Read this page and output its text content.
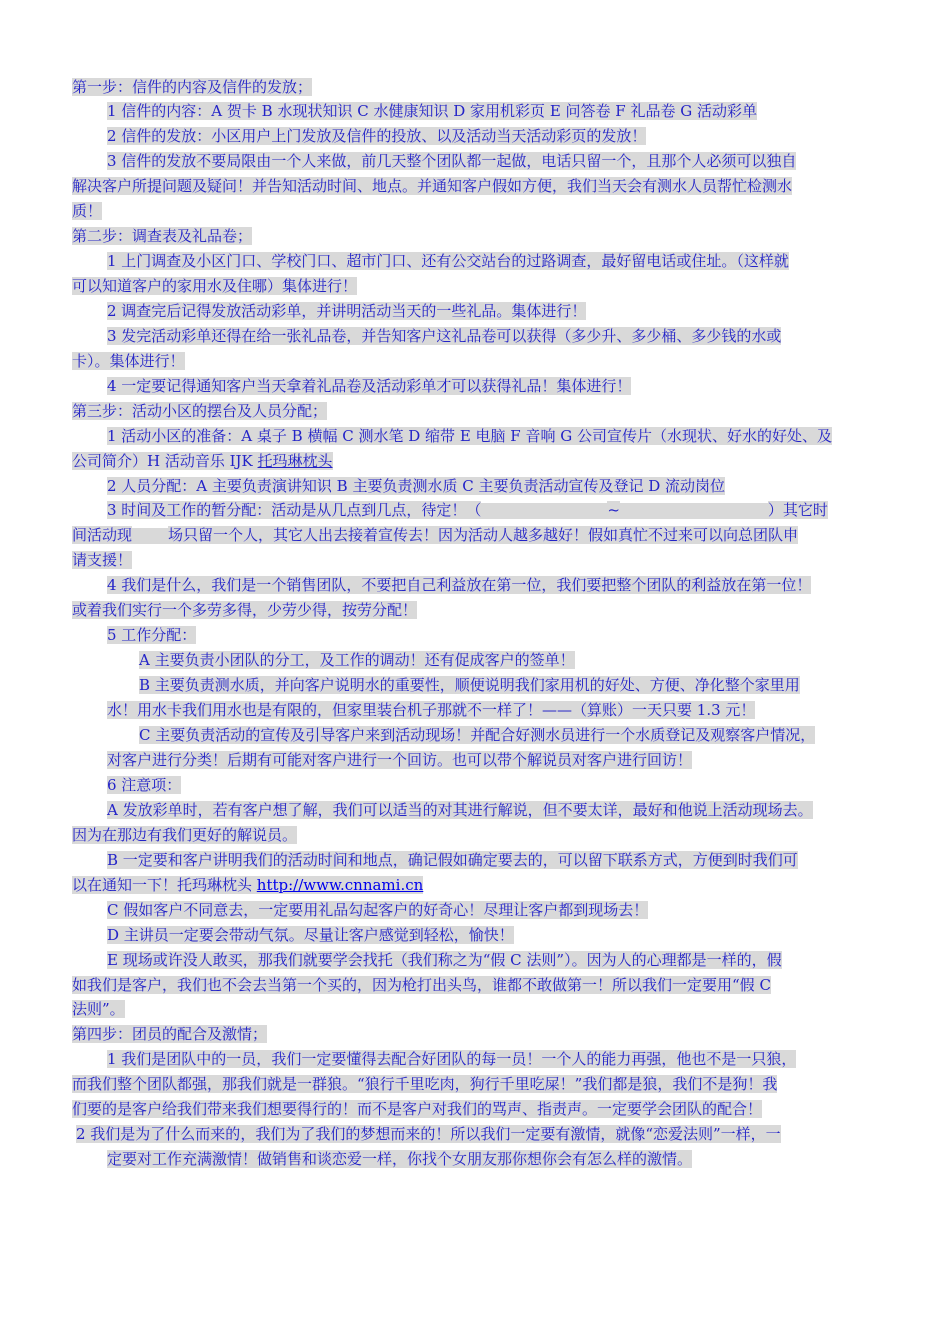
第一步：信件的内容及信件的发放；
1 信件的内容：A 贺卡 B 水现状知识 C 水健康知识 D 家用机彩页 E 问答卷 F 礼品卷 G 活动彩单
2 信件的发放：小区用户上门发放及信件的投放、以及活动当天活动彩页的发放！
3 信件的发放不要局限由一个人来做，前几天整个团队都一起做，电话只留一个，且那个人必须可以独自
解决客户所提问题及疑问！并告知活动时间、地点。并通知客户假如方便，我们当天会有测水人员帮忙检测水
质！
第二步：调查表及礼品卷；
1 上门调查及小区门口、学校门口、超市门口、还有公交站台的过路调查，最好留电话或住址。（这样就
可以知道客户的家用水及住哪）集体进行！
2 调查完后记得发放活动彩单，并讲明活动当天的一些礼品。集体进行！
3 发完活动彩单还得在给一张礼品卷，并告知客户这礼品卷可以获得（多少升、多少桶、多少钱的水或
卡）。集体进行！
4 一定要记得通知客户当天拿着礼品卷及活动彩单才可以获得礼品！集体进行！
第三步：活动小区的摆台及人员分配；
1 活动小区的准备：A 桌子 B 横幅 C 测水笔 D 缩带 E 电脑 F 音响 G 公司宣传片（水现状、好水的好处、及
公司简介）H 活动音乐 IJK 托玛琳枕头
2 人员分配：A 主要负责演讲知识 B 主要负责测水质 C 主要负责活动宣传及登记 D 流动岗位
3 时间及工作的暂分配：活动是从几点到几点，待定！（	~	）其它时
间活动现 场只留一个人，其它人出去接着宣传去！因为活动人越多越好！假如真忙不过来可以向总团队申
请支援！
4 我们是什么，我们是一个销售团队，不要把自己利益放在第一位，我们要把整个团队的利益放在第一位！
或着我们实行一个多劳多得，少劳少得，按劳分配！
5 工作分配：
A 主要负责小团队的分工，及工作的调动！还有促成客户的签单！
B 主要负责测水质，并向客户说明水的重要性，顺便说明我们家用机的好处、方便、净化整个家里用
水！用水卡我们用水也是有限的，但家里装台机子那就不一样了！——（算账）一天只要 1.3 元！
C 主要负责活动的宣传及引导客户来到活动现场！并配合好测水员进行一个水质登记及观察客户情况，
对客户进行分类！后期有可能对客户进行一个回访。也可以带个解说员对客户进行回访！
6 注意项：
A 发放彩单时，若有客户想了解，我们可以适当的对其进行解说，但不要太详，最好和他说上活动现场去。
因为在那边有我们更好的解说员。
B 一定要和客户讲明我们的活动时间和地点，确记假如确定要去的，可以留下联系方式，方便到时我们可
以在通知一下！托玛琳枕头 http://www.cnnami.cn
C 假如客户不同意去，一定要用礼品勾起客户的好奇心！尽理让客户都到现场去！
D 主讲员一定要会带动气氛。尽量让客户感觉到轻松，愉快！
E 现场或许没人敢买，那我们就要学会找托（我们称之为“假 C 法则”）。因为人的心理都是一样的，假
如我们是客户，我们也不会去当第一个买的，因为枪打出头鸟，谁都不敢做第一！所以我们一定要用“假 C
法则”。
第四步：团员的配合及激情；
1 我们是团队中的一员，我们一定要懂得去配合好团队的每一员！一个人的能力再强，他也不是一只狼，
而我们整个团队都强，那我们就是一群狼。“狼行千里吃肉，狗行千里吃屎！”我们都是狼，我们不是狗！我
们要的是客户给我们带来我们想要得行的！而不是客户对我们的骂声、指责声。一定要学会团队的配合！
2 我们是为了什么而来的，我们为了我们的梦想而来的！所以我们一定要有激情，就像“恋爱法则”一样，一
定要对工作充满激情！做销售和谈恋爱一样，你找个女朋友那你想你会有怎么样的激情。
